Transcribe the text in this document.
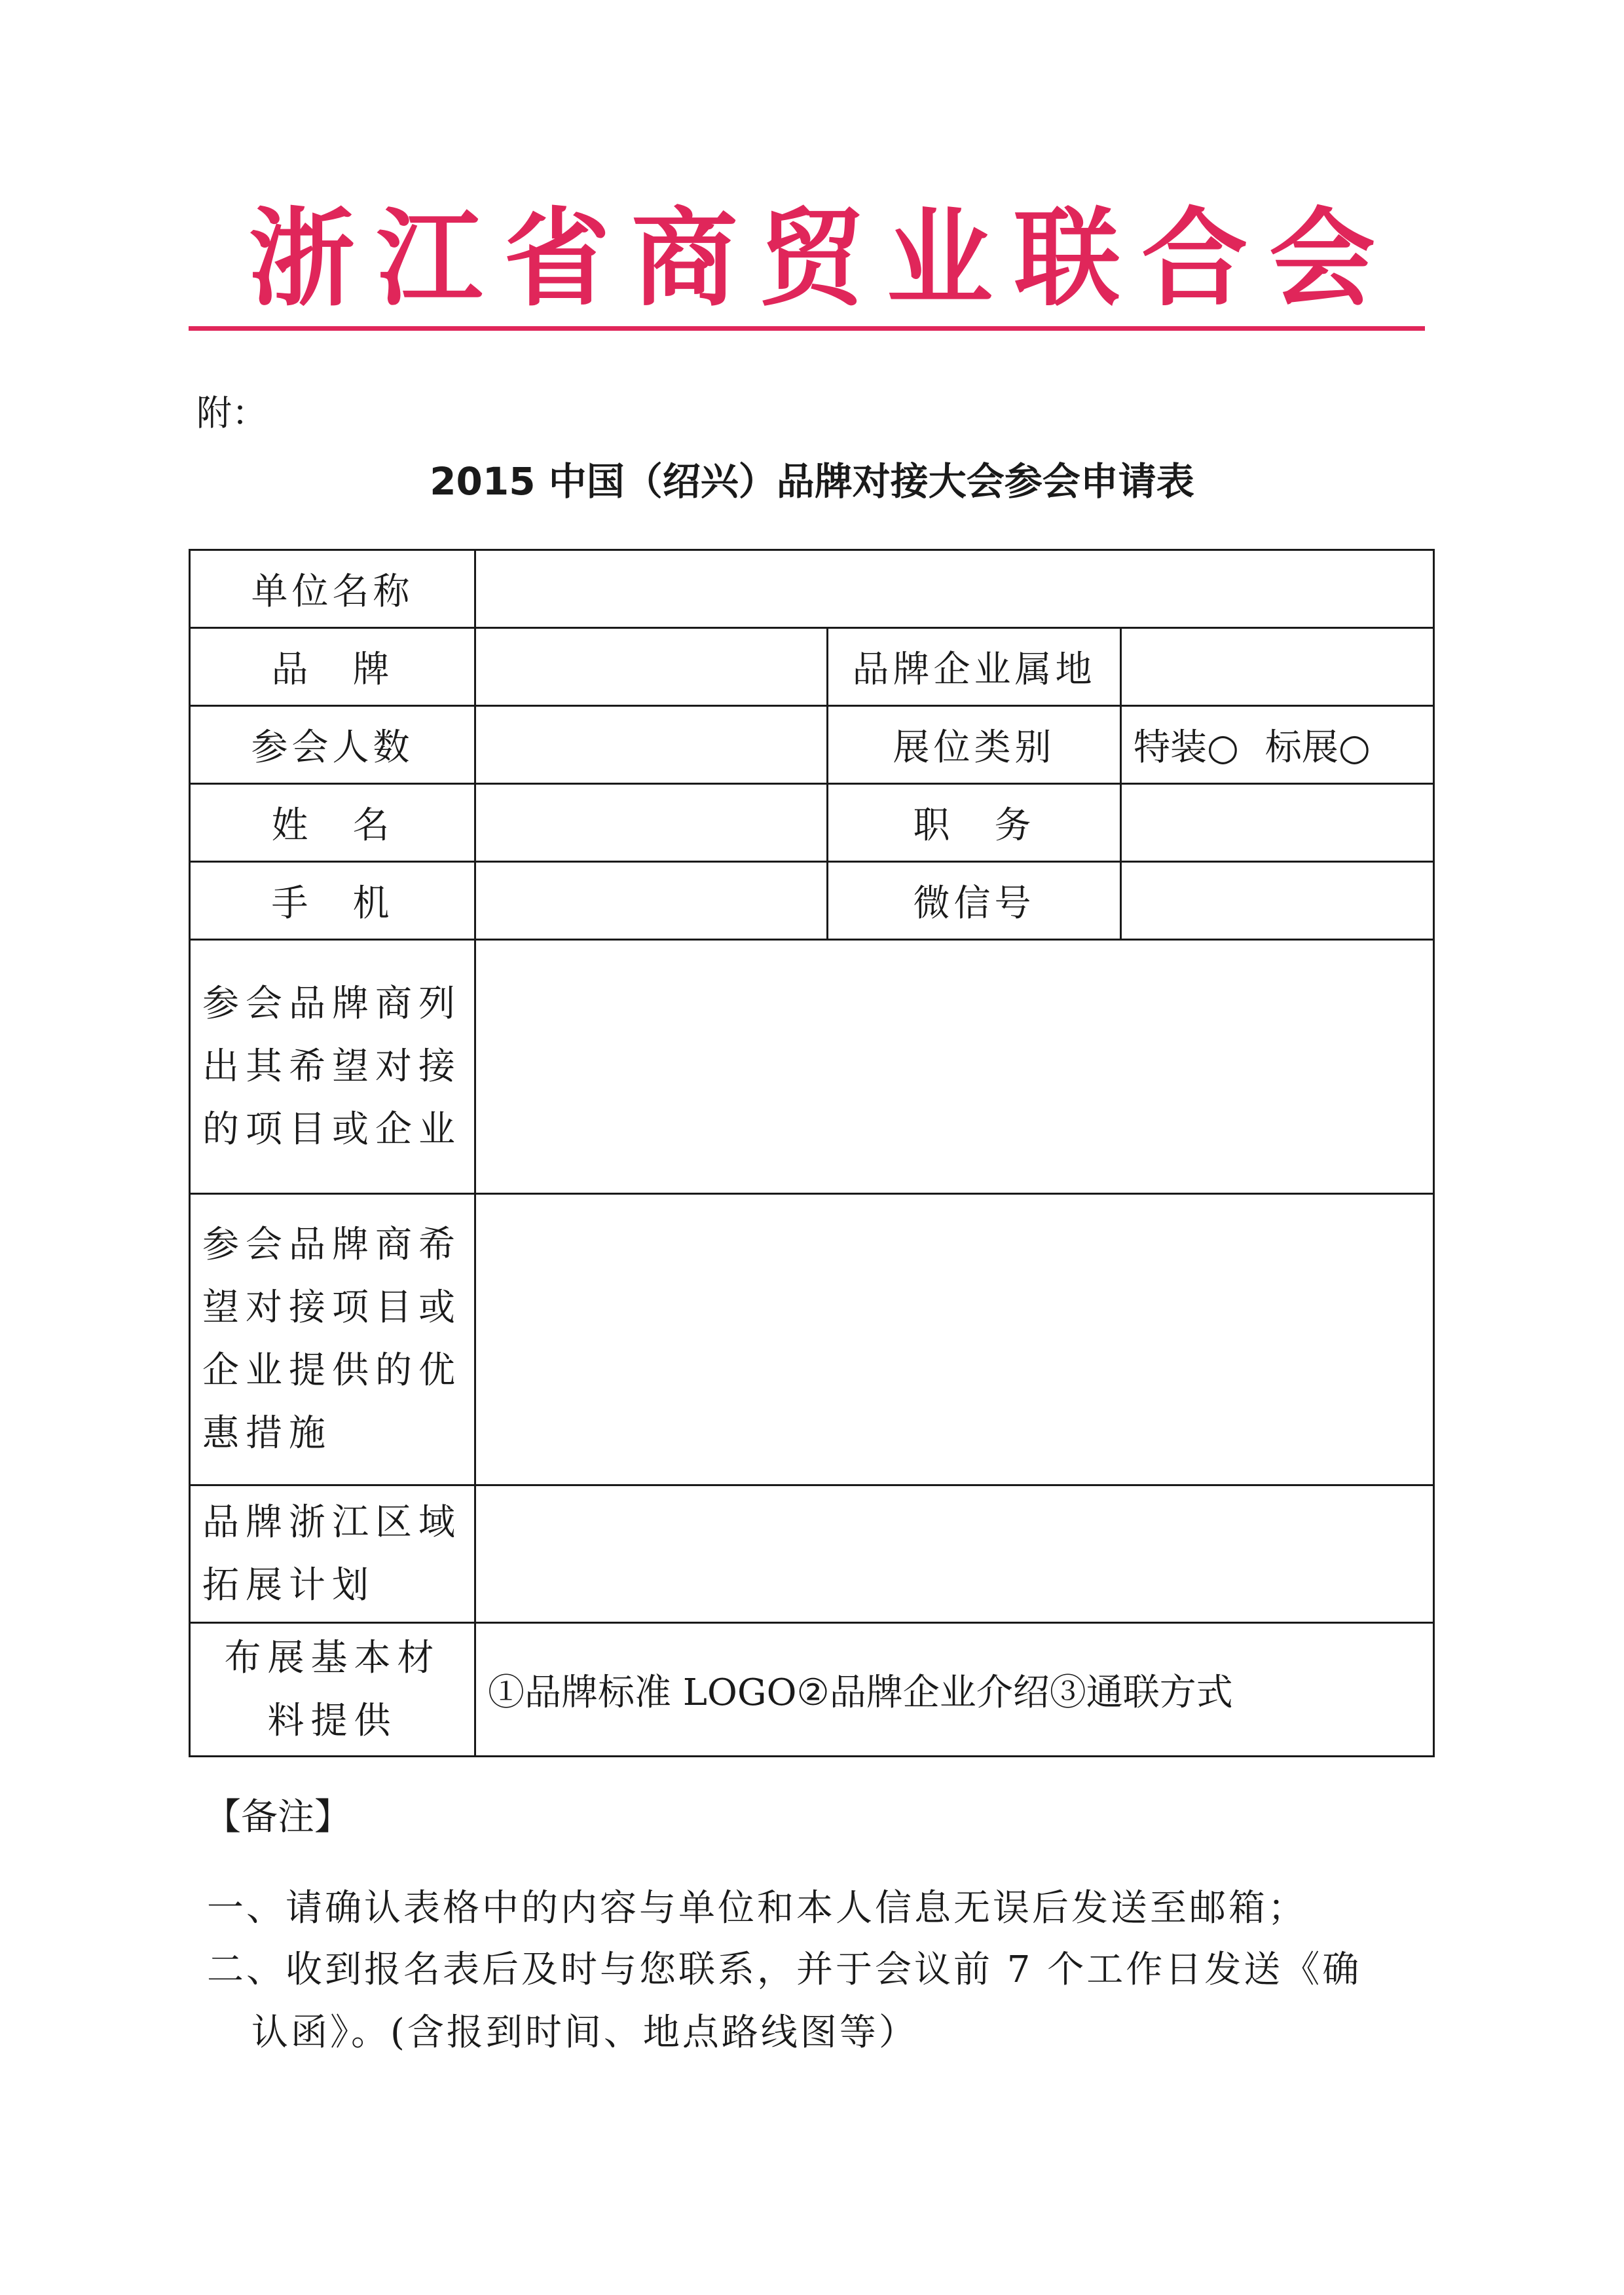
浙 江 省 商 贸 业 联 合 会
附：
2015 中国（绍兴）品牌对接大会参会申请表
单位名称			
品　牌		品牌企业属地	
参会人数		展位类别	特装○ 标展○
姓　名		职　务	
手　机		微信号	

参会品牌商列
出其希望对接
的项目或企业			

参会品牌商希
望对接项目或
企业提供的优
惠措施			

品牌浙江区域
拓展计划			

布展基本材
料提供	①品牌标准 LOGO②品牌企业介绍③通联方式		
【备注】
一、请确认表格中的内容与单位和本人信息无误后发送至邮箱；
二、收到报名表后及时与您联系，并于会议前 7 个工作日发送《确
认函》。(含报到时间、地点路线图等）
